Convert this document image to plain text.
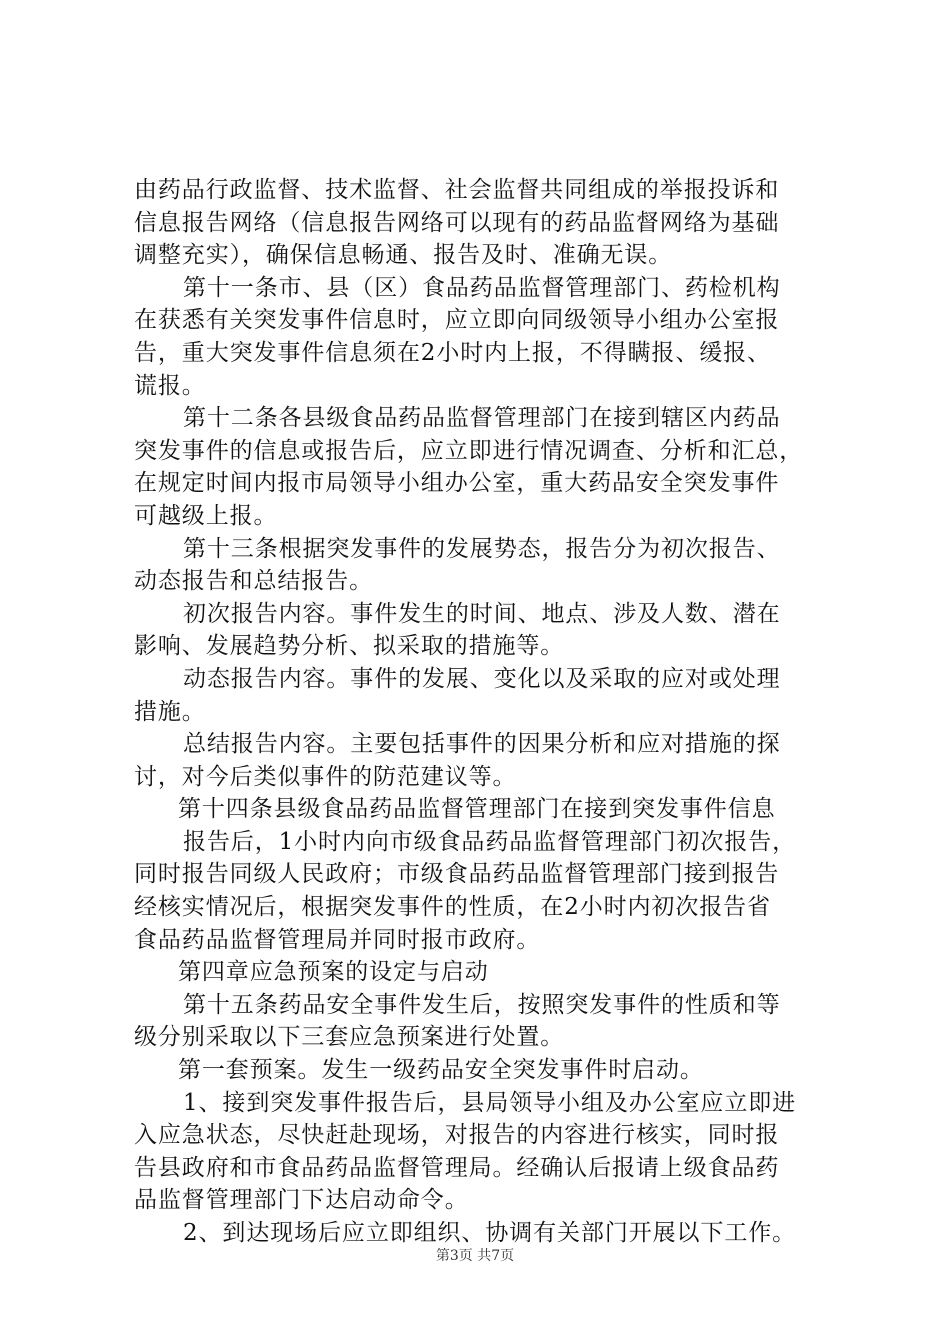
由药品行政监督、技术监督、社会监督共同组成的举报投诉和
信息报告网络（信息报告网络可以现有的药品监督网络为基础
调整充实），确保信息畅通、报告及时、准确无误。
第十一条市、县（区）食品药品监督管理部门、药检机构
在获悉有关突发事件信息时，应立即向同级领导小组办公室报
告，重大突发事件信息须在2小时内上报，不得瞒报、缓报、
谎报。
第十二条各县级食品药品监督管理部门在接到辖区内药品
突发事件的信息或报告后，应立即进行情况调查、分析和汇总，
在规定时间内报市局领导小组办公室，重大药品安全突发事件
可越级上报。
第十三条根据突发事件的发展势态，报告分为初次报告、
动态报告和总结报告。
初次报告内容。事件发生的时间、地点、涉及人数、潜在
影响、发展趋势分析、拟采取的措施等。
动态报告内容。事件的发展、变化以及采取的应对或处理
措施。
总结报告内容。主要包括事件的因果分析和应对措施的探
讨，对今后类似事件的防范建议等。
第十四条县级食品药品监督管理部门在接到突发事件信息
报告后，1小时内向市级食品药品监督管理部门初次报告，
同时报告同级人民政府；市级食品药品监督管理部门接到报告
经核实情况后，根据突发事件的性质，在2小时内初次报告省
食品药品监督管理局并同时报市政府。
第四章应急预案的设定与启动
第十五条药品安全事件发生后，按照突发事件的性质和等
级分别采取以下三套应急预案进行处置。
第一套预案。发生一级药品安全突发事件时启动。
1、接到突发事件报告后，县局领导小组及办公室应立即进
入应急状态，尽快赶赴现场，对报告的内容进行核实，同时报
告县政府和市食品药品监督管理局。经确认后报请上级食品药
品监督管理部门下达启动命令。
2、到达现场后应立即组织、协调有关部门开展以下工作。
第3页 共7页
